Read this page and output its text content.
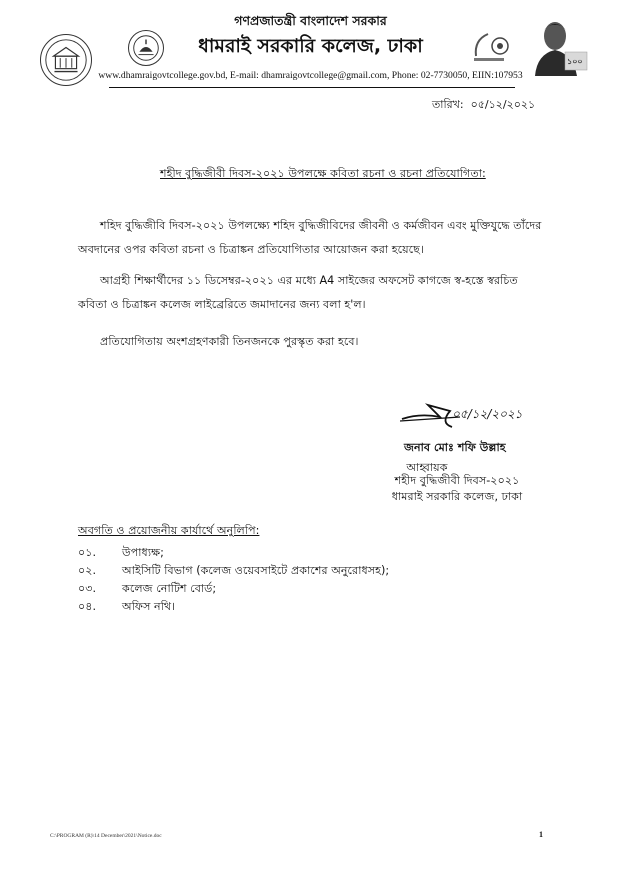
১০০
গণপ্রজাতন্ত্রী বাংলাদেশ সরকার
ধামরাই সরকারি কলেজ, ঢাকা
www.dhamraigovtcollege.gov.bd, E-mail: dhamraigovtcollege@gmail.com, Phone: 02-7730050, EIIN:107953
তারিখ: ০৫/১২/২০২১
শহীদ বুদ্ধিজীবী দিবস-২০২১ উপলক্ষে কবিতা রচনা ও রচনা প্রতিযোগিতা:
শহিদ বুদ্ধিজীবি দিবস-২০২১ উপলক্ষ্যে শহিদ বুদ্ধিজীবিদের জীবনী ও কর্মজীবন এবং মুক্তিযুদ্ধে তাঁদের অবদানের ওপর কবিতা রচনা ও চিত্রাঙ্কন প্রতিযোগিতার আয়োজন করা হয়েছে।
আগ্রহী শিক্ষার্থীদের ১১ ডিসেম্বর-২০২১ এর মধ্যে A4 সাইজের অফসেট কাগজে স্ব-হস্তে স্বরচিত কবিতা ও চিত্রাঙ্কন কলেজ লাইব্রেরিতে জমাদানের জন্য বলা হ'ল।
প্রতিযোগিতায় অংশগ্রহণকারী তিনজনকে পুরস্কৃত করা হবে।
০৫/১২/২০২১
জনাব মোঃ শফি উল্লাহ
আহ্বায়ক
শহীদ বুদ্ধিজীবী দিবস-২০২১
ধামরাই সরকারি কলেজ, ঢাকা
অবগতি ও প্রয়োজনীয় কার্যার্থে অনুলিপি:
০১. উপাধ্যক্ষ;
০২. আইসিটি বিভাগ (কলেজ ওয়েবসাইটে প্রকাশের অনুরোধসহ);
০৩. কলেজ নোটিশ বোর্ড;
০৪. অফিস নথি।
C:\PROGRAM (R)\14 December\2021\Notice.doc	1
